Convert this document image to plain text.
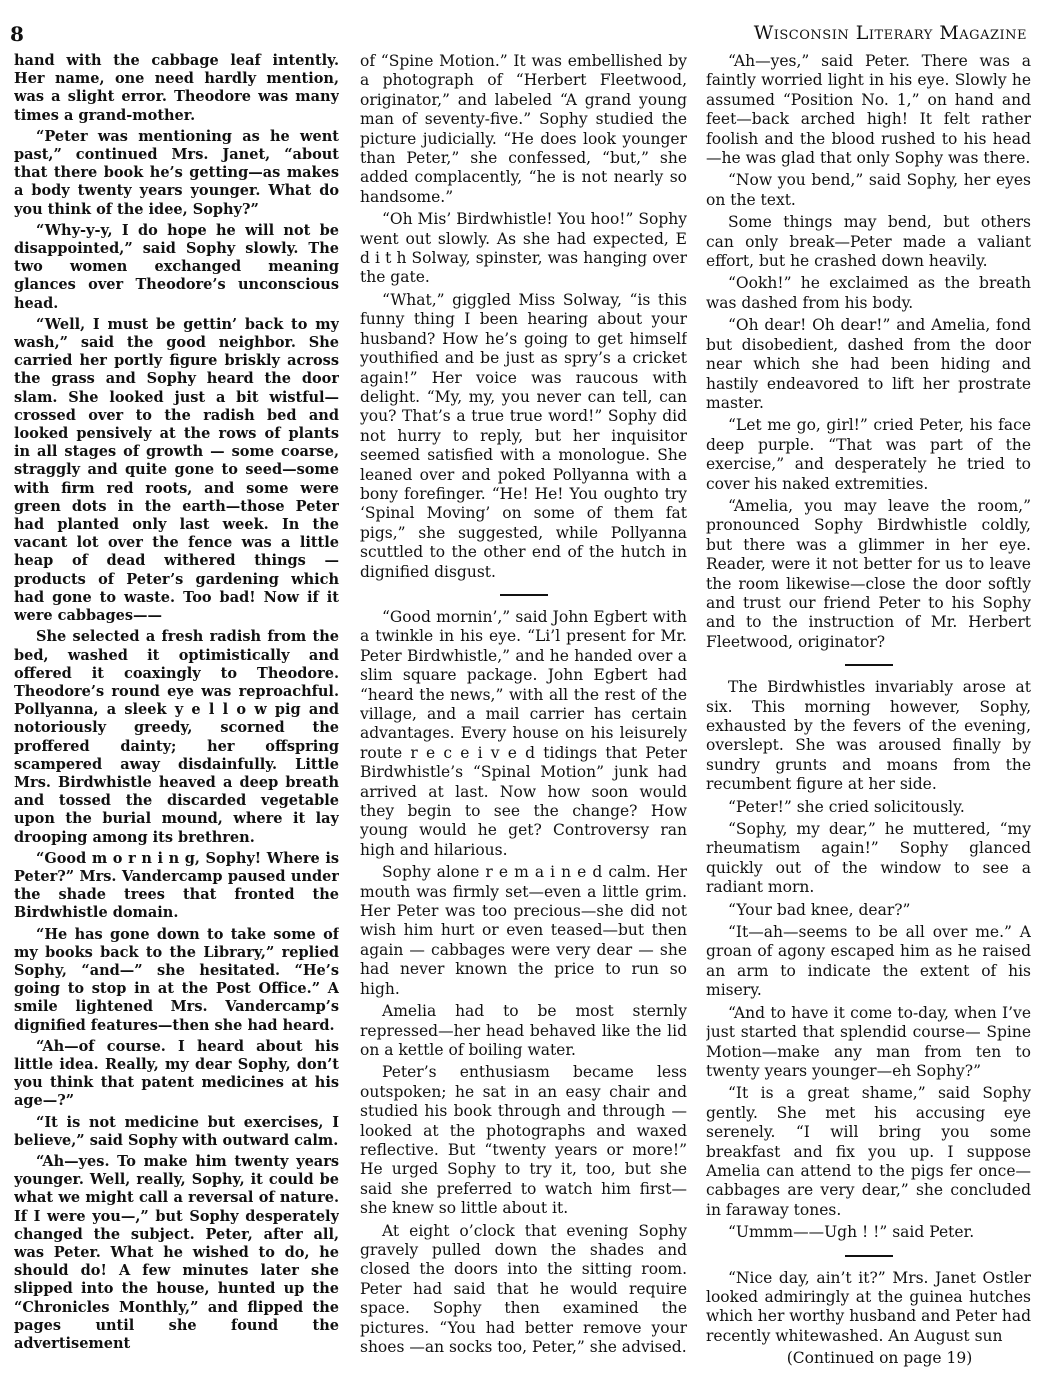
8	Wisconsin Literary Magazine

hand with the cabbage leaf intently. Her name, one need hardly mention, was a slight error. Theodore was many times a grand-mother.

“Peter was mentioning as he went past,” continued Mrs. Janet, “about that there book he’s getting—as makes a body twenty years younger. What do you think of the idee, Sophy?”

“Why-y-y, I do hope he will not be disappointed,” said Sophy slowly. The two women exchanged meaning glances over Theodore’s unconscious head.

“Well, I must be gettin’ back to my wash,” said the good neighbor. She carried her portly figure briskly across the grass and Sophy heard the door slam. She looked just a bit wistful—crossed over to the radish bed and looked pensively at the rows of plants in all stages of growth — some coarse, straggly and quite gone to seed—some with firm red roots, and some were green dots in the earth—those Peter had planted only last week. In the vacant lot over the fence was a little heap of dead withered things —products of Peter’s gardening which had gone to waste. Too bad! Now if it were cabbages——

She selected a fresh radish from the bed, washed it optimistically and offered it coaxingly to Theodore. Theodore’s round eye was reproachful. Pollyanna, a sleek y e l l o w pig and notoriously greedy, scorned the proffered dainty; her offspring scampered away disdainfully. Little Mrs. Birdwhistle heaved a deep breath and tossed the discarded vegetable upon the burial mound, where it lay drooping among its brethren.

“Good m o r n i n g, Sophy! Where is Peter?” Mrs. Vandercamp paused under the shade trees that fronted the Birdwhistle domain.

“He has gone down to take some of my books back to the Library,” replied Sophy, “and—” she hesitated. “He’s going to stop in at the Post Office.” A smile lightened Mrs. Vandercamp’s dignified features—then she had heard.

“Ah—of course. I heard about his little idea. Really, my dear Sophy, don’t you think that patent medicines at his age—?”

“It is not medicine but exercises, I believe,” said Sophy with outward calm.

“Ah—yes. To make him twenty years younger. Well, really, Sophy, it could be what we might call a reversal of nature. If I were you—,” but Sophy desperately changed the subject. Peter, after all, was Peter. What he wished to do, he should do! A few minutes later she slipped into the house, hunted up the “Chronicles Monthly,” and flipped the pages until she found the advertisement

of “Spine Motion.” It was embellished by a photograph of “Herbert Fleetwood, originator,” and labeled “A grand young man of seventy-five.” Sophy studied the picture judicially. “He does look younger than Peter,” she confessed, “but,” she added complacently, “he is not nearly so handsome.”

“Oh Mis’ Birdwhistle! You hoo!” Sophy went out slowly. As she had expected, E d i t h Solway, spinster, was hanging over the gate.

“What,” giggled Miss Solway, “is this funny thing I been hearing about your husband? How he’s going to get himself youthified and be just as spry’s a cricket again!” Her voice was raucous with delight. “My, my, you never can tell, can you? That’s a true true word!” Sophy did not hurry to reply, but her inquisitor seemed satisfied with a monologue. She leaned over and poked Pollyanna with a bony forefinger. “He! He! You oughto try ‘Spinal Moving’ on some of them fat pigs,” she suggested, while Pollyanna scuttled to the other end of the hutch in dignified disgust.

“Good mornin’,” said John Egbert with a twinkle in his eye. “Li’l present for Mr. Peter Birdwhistle,” and he handed over a slim square package. John Egbert had “heard the news,” with all the rest of the village, and a mail carrier has certain advantages. Every house on his leisurely route r e c e i v e d tidings that Peter Birdwhistle’s “Spinal Motion” junk had arrived at last. Now how soon would they begin to see the change? How young would he get? Controversy ran high and hilarious.

Sophy alone r e m a i n e d calm. Her mouth was firmly set—even a little grim. Her Peter was too precious—she did not wish him hurt or even teased—but then again — cabbages were very dear — she had never known the price to run so high.

Amelia had to be most sternly repressed—her head behaved like the lid on a kettle of boiling water.

Peter’s enthusiasm became less outspoken; he sat in an easy chair and studied his book through and through —looked at the photographs and waxed reflective. But “twenty years or more!” He urged Sophy to try it, too, but she said she preferred to watch him first— she knew so little about it.

At eight o’clock that evening Sophy gravely pulled down the shades and closed the doors into the sitting room. Peter had said that he would require space. Sophy then examined the pictures. “You had better remove your shoes —an socks too, Peter,” she advised.

“Ah—yes,” said Peter. There was a faintly worried light in his eye. Slowly he assumed “Position No. 1,” on hand and feet—back arched high! It felt rather foolish and the blood rushed to his head—he was glad that only Sophy was there.

“Now you bend,” said Sophy, her eyes on the text.

Some things may bend, but others can only break—Peter made a valiant effort, but he crashed down heavily.

“Ookh!” he exclaimed as the breath was dashed from his body.

“Oh dear! Oh dear!” and Amelia, fond but disobedient, dashed from the door near which she had been hiding and hastily endeavored to lift her prostrate master.

“Let me go, girl!” cried Peter, his face deep purple. “That was part of the exercise,” and desperately he tried to cover his naked extremities.

“Amelia, you may leave the room,” pronounced Sophy Birdwhistle coldly, but there was a glimmer in her eye. Reader, were it not better for us to leave the room likewise—close the door softly and trust our friend Peter to his Sophy and to the instruction of Mr. Herbert Fleetwood, originator?

The Birdwhistles invariably arose at six. This morning however, Sophy, exhausted by the fevers of the evening, overslept. She was aroused finally by sundry grunts and moans from the recumbent figure at her side.

“Peter!” she cried solicitously.

“Sophy, my dear,” he muttered, “my rheumatism again!” Sophy glanced quickly out of the window to see a radiant morn.

“Your bad knee, dear?”

“It—ah—seems to be all over me.” A groan of agony escaped him as he raised an arm to indicate the extent of his misery.

“And to have it come to-day, when I’ve just started that splendid course— Spine Motion—make any man from ten to twenty years younger—eh Sophy?”

“It is a great shame,” said Sophy gently. She met his accusing eye serenely. “I will bring you some breakfast and fix you up. I suppose Amelia can attend to the pigs fer once—cabbages are very dear,” she concluded in faraway tones.

“Ummm——Ugh ! !” said Peter.

“Nice day, ain’t it?” Mrs. Janet Ostler looked admiringly at the guinea hutches which her worthy husband and Peter had recently whitewashed. An August sun

(Continued on page 19)
